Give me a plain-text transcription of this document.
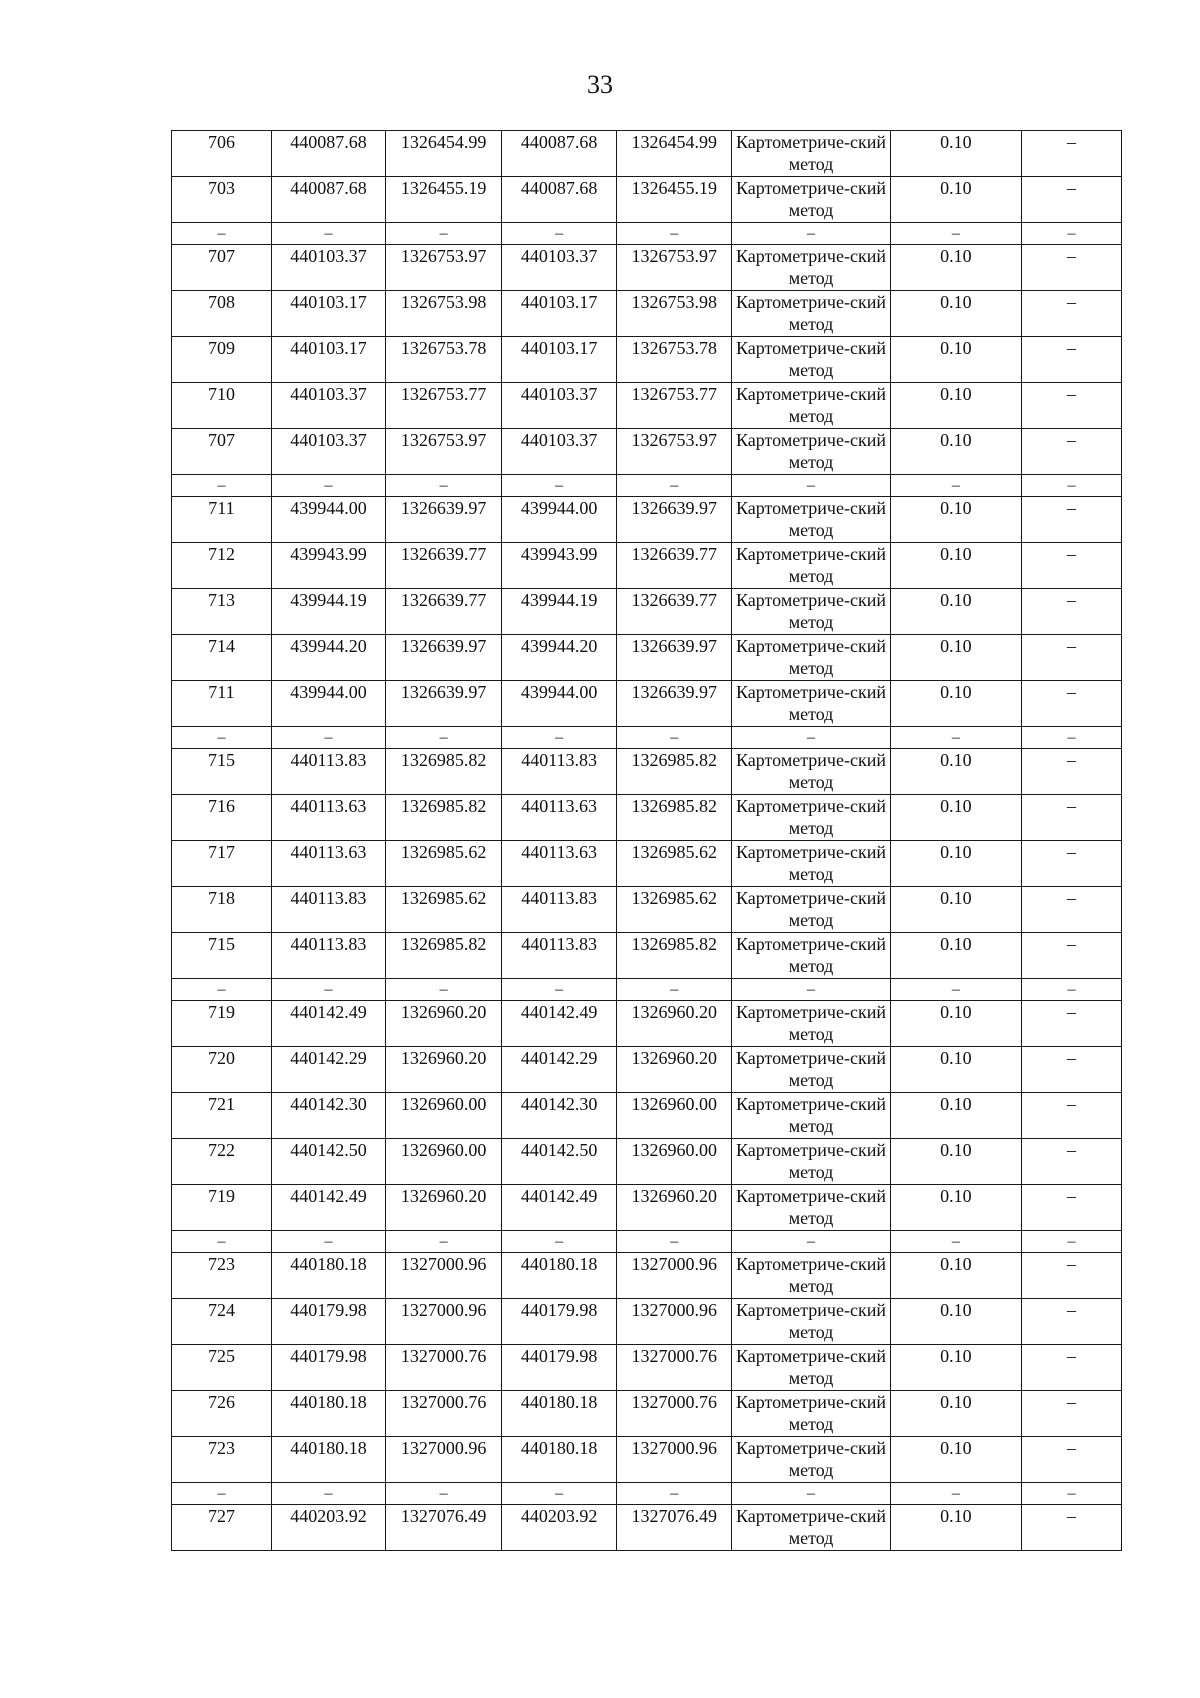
33
706	440087.68	1326454.99	440087.68	1326454.99	Картометриче-ский метод	0.10	–
703	440087.68	1326455.19	440087.68	1326455.19	Картометриче-ский метод	0.10	–
–	–	–	–	–	–	–	–
707	440103.37	1326753.97	440103.37	1326753.97	Картометриче-ский метод	0.10	–
708	440103.17	1326753.98	440103.17	1326753.98	Картометриче-ский метод	0.10	–
709	440103.17	1326753.78	440103.17	1326753.78	Картометриче-ский метод	0.10	–
710	440103.37	1326753.77	440103.37	1326753.77	Картометриче-ский метод	0.10	–
707	440103.37	1326753.97	440103.37	1326753.97	Картометриче-ский метод	0.10	–
–	–	–	–	–	–	–	–
711	439944.00	1326639.97	439944.00	1326639.97	Картометриче-ский метод	0.10	–
712	439943.99	1326639.77	439943.99	1326639.77	Картометриче-ский метод	0.10	–
713	439944.19	1326639.77	439944.19	1326639.77	Картометриче-ский метод	0.10	–
714	439944.20	1326639.97	439944.20	1326639.97	Картометриче-ский метод	0.10	–
711	439944.00	1326639.97	439944.00	1326639.97	Картометриче-ский метод	0.10	–
–	–	–	–	–	–	–	–
715	440113.83	1326985.82	440113.83	1326985.82	Картометриче-ский метод	0.10	–
716	440113.63	1326985.82	440113.63	1326985.82	Картометриче-ский метод	0.10	–
717	440113.63	1326985.62	440113.63	1326985.62	Картометриче-ский метод	0.10	–
718	440113.83	1326985.62	440113.83	1326985.62	Картометриче-ский метод	0.10	–
715	440113.83	1326985.82	440113.83	1326985.82	Картометриче-ский метод	0.10	–
–	–	–	–	–	–	–	–
719	440142.49	1326960.20	440142.49	1326960.20	Картометриче-ский метод	0.10	–
720	440142.29	1326960.20	440142.29	1326960.20	Картометриче-ский метод	0.10	–
721	440142.30	1326960.00	440142.30	1326960.00	Картометриче-ский метод	0.10	–
722	440142.50	1326960.00	440142.50	1326960.00	Картометриче-ский метод	0.10	–
719	440142.49	1326960.20	440142.49	1326960.20	Картометриче-ский метод	0.10	–
–	–	–	–	–	–	–	–
723	440180.18	1327000.96	440180.18	1327000.96	Картометриче-ский метод	0.10	–
724	440179.98	1327000.96	440179.98	1327000.96	Картометриче-ский метод	0.10	–
725	440179.98	1327000.76	440179.98	1327000.76	Картометриче-ский метод	0.10	–
726	440180.18	1327000.76	440180.18	1327000.76	Картометриче-ский метод	0.10	–
723	440180.18	1327000.96	440180.18	1327000.96	Картометриче-ский метод	0.10	–
–	–	–	–	–	–	–	–
727	440203.92	1327076.49	440203.92	1327076.49	Картометриче-ский метод	0.10	–
